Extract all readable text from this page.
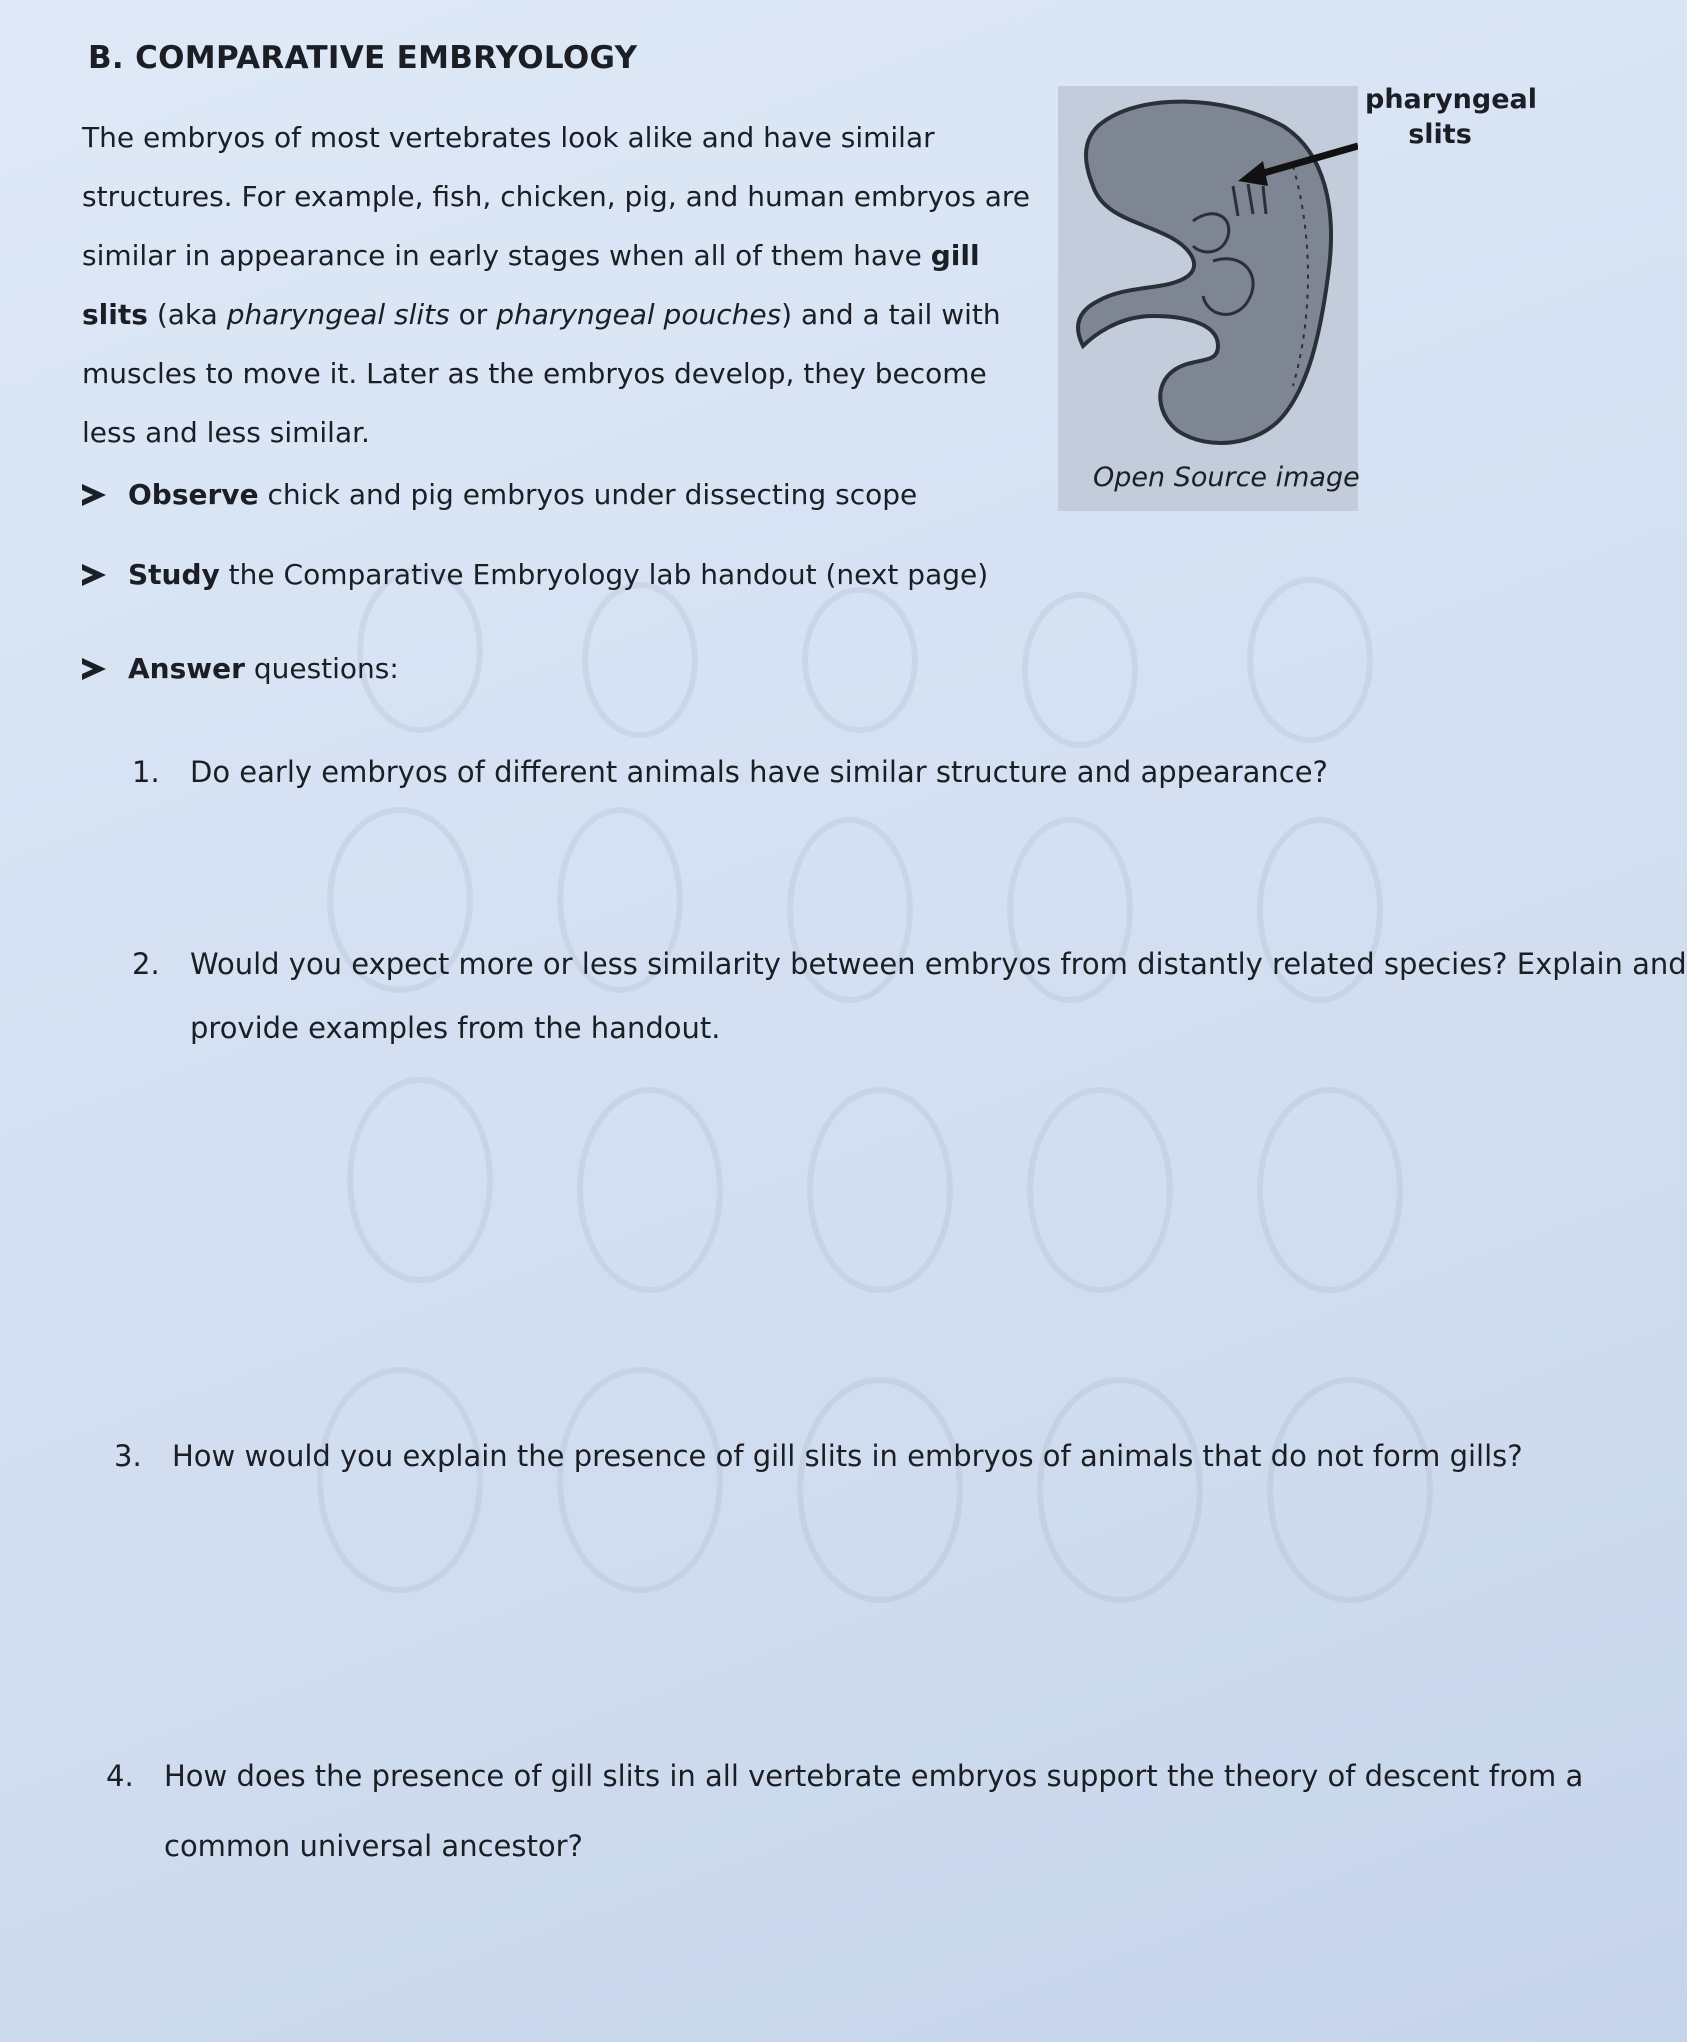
B. COMPARATIVE EMBRYOLOGY

The embryos of most vertebrates look alike and have similar structures. For example, fish, chicken, pig, and human embryos are similar in appearance in early stages when all of them have gill slits (aka pharyngeal slits or pharyngeal pouches) and a tail with muscles to move it. Later as the embryos develop, they become less and less similar.

pharyngeal slits
Open Source image
Observe chick and pig embryos under dissecting scope
Study the Comparative Embryology lab handout (next page)
Answer questions:
1. Do early embryos of different animals have similar structure and appearance?
2. Would you expect more or less similarity between embryos from distantly related species? Explain and
provide examples from the handout.
3. How would you explain the presence of gill slits in embryos of animals that do not form gills?
4. How does the presence of gill slits in all vertebrate embryos support the theory of descent from a
common universal ancestor?
